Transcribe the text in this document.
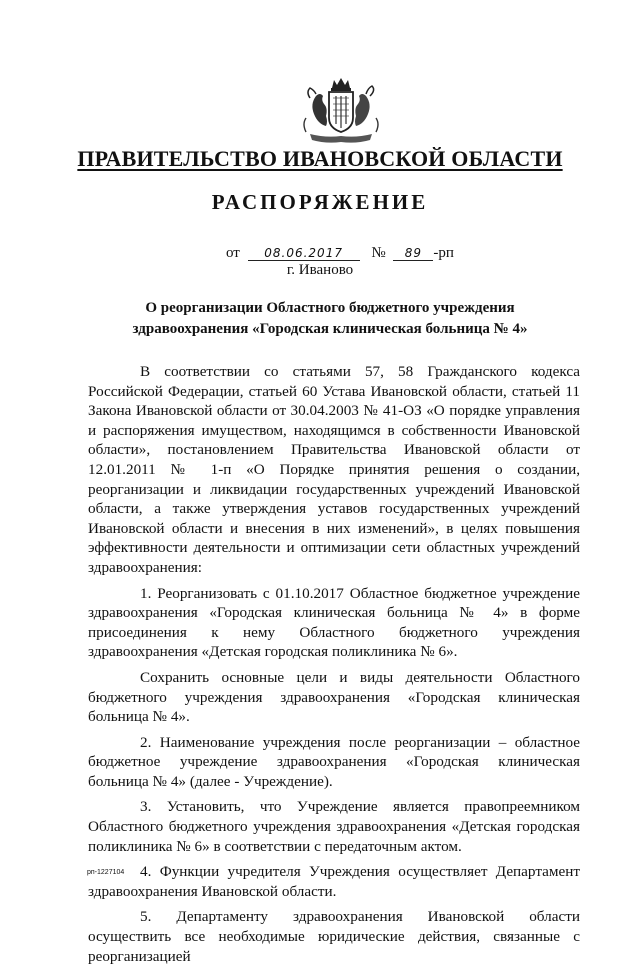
ПРАВИТЕЛЬСТВО ИВАНОВСКОЙ ОБЛАСТИ
РАСПОРЯЖЕНИЕ
от 08.06.2017 № 89 -рп
г. Иваново
О реорганизации Областного бюджетного учреждения
здравоохранения «Городская клиническая больница № 4»

В соответствии со статьями 57, 58 Гражданского кодекса Российской Федерации, статьей 60 Устава Ивановской области, статьей 11 Закона Ивановской области от 30.04.2003 № 41-ОЗ «О порядке управления и распоряжения имуществом, находящимся в собственности Ивановской области», постановлением Правительства Ивановской области от 12.01.2011 № 1-п «О Порядке принятия решения о создании, реорганизации и ликвидации государственных учреждений Ивановской области, а также утверждения уставов государственных учреждений Ивановской области и внесения в них изменений», в целях повышения эффективности деятельности и оптимизации сети областных учреждений здравоохранения:

1. Реорганизовать с 01.10.2017 Областное бюджетное учреждение здравоохранения «Городская клиническая больница № 4» в форме присоединения к нему Областного бюджетного учреждения здравоохранения «Детская городская поликлиника № 6».

Сохранить основные цели и виды деятельности Областного бюджетного учреждения здравоохранения «Городская клиническая больница № 4».

2. Наименование учреждения после реорганизации – областное бюджетное учреждение здравоохранения «Городская клиническая больница № 4» (далее - Учреждение).

3. Установить, что Учреждение является правопреемником Областного бюджетного учреждения здравоохранения «Детская городская поликлиника № 6» в соответствии с передаточным актом.

4. Функции учредителя Учреждения осуществляет Департамент здравоохранения Ивановской области.

5. Департаменту здравоохранения Ивановской области осуществить все необходимые юридические действия, связанные с реорганизацией

рп-1227104
